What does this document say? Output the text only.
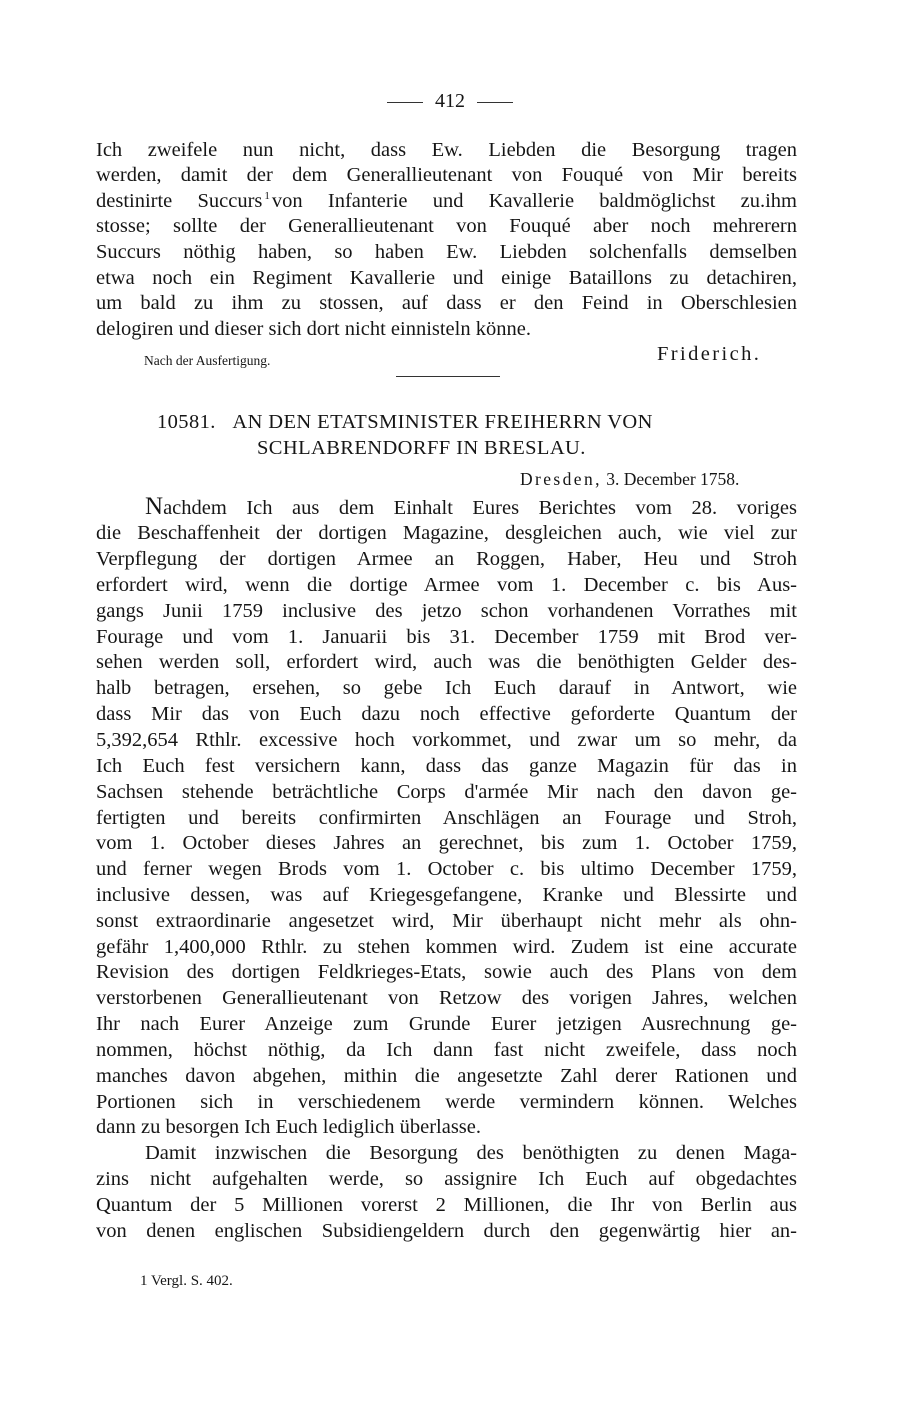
412
Ich zweifele nun nicht, dass Ew. Liebden die Besorgung tragen
werden, damit der dem Generallieutenant von Fouqué von Mir bereits
destinirte Succurs $^1$von Infanterie und Kavallerie baldmöglichst zu.ihm
stosse; sollte der Generallieutenant von Fouqué aber noch mehrerern
Succurs nöthig haben, so haben Ew. Liebden solchenfalls demselben
etwa noch ein Regiment Kavallerie und einige Bataillons zu detachiren,
um bald zu ihm zu stossen, auf dass er den Feind in Oberschlesien
delogiren und dieser sich dort nicht einnisteln könne.
Nach der Ausfertigung.	Friderich.
10581. AN DEN ETATSMINISTER FREIHERRN VON
SCHLABRENDORFF IN BRESLAU.
Dresden, 3. December 1758.
Nachdem Ich aus dem Einhalt Eures Berichtes vom 28. voriges
die Beschaffenheit der dortigen Magazine, desgleichen auch, wie viel zur
Verpflegung der dortigen Armee an Roggen, Haber, Heu und Stroh
erfordert wird, wenn die dortige Armee vom 1. December c. bis Aus-
gangs Junii 1759 inclusive des jetzo schon vorhandenen Vorrathes mit
Fourage und vom 1. Januarii bis 31. December 1759 mit Brod ver-
sehen werden soll, erfordert wird, auch was die benöthigten Gelder des-
halb betragen, ersehen, so gebe Ich Euch darauf in Antwort, wie
dass Mir das von Euch dazu noch effective geforderte Quantum der
5,392,654 Rthlr. excessive hoch vorkommet, und zwar um so mehr, da
Ich Euch fest versichern kann, dass das ganze Magazin für das in
Sachsen stehende beträchtliche Corps d'armée Mir nach den davon ge-
fertigten und bereits confirmirten Anschlägen an Fourage und Stroh,
vom 1. October dieses Jahres an gerechnet, bis zum 1. October 1759,
und ferner wegen Brods vom 1. October c. bis ultimo December 1759,
inclusive dessen, was auf Kriegesgefangene, Kranke und Blessirte und
sonst extraordinarie angesetzet wird, Mir überhaupt nicht mehr als ohn-
gefähr 1,400,000 Rthlr. zu stehen kommen wird. Zudem ist eine accurate
Revision des dortigen Feldkrieges-Etats, sowie auch des Plans von dem
verstorbenen Generallieutenant von Retzow des vorigen Jahres, welchen
Ihr nach Eurer Anzeige zum Grunde Eurer jetzigen Ausrechnung ge-
nommen, höchst nöthig, da Ich dann fast nicht zweifele, dass noch
manches davon abgehen, mithin die angesetzte Zahl derer Rationen und
Portionen sich in verschiedenem werde vermindern können. Welches
dann zu besorgen Ich Euch lediglich überlasse.
Damit inzwischen die Besorgung des benöthigten zu denen Maga-
zins nicht aufgehalten werde, so assignire Ich Euch auf obgedachtes
Quantum der 5 Millionen vorerst 2 Millionen, die Ihr von Berlin aus
von denen englischen Subsidiengeldern durch den gegenwärtig hier an-
1 Vergl. S. 402.
